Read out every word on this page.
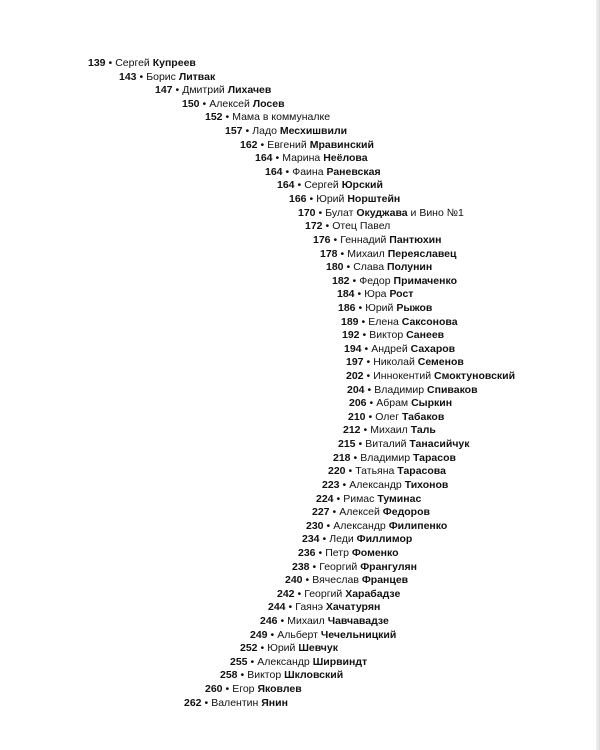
139 • Сергей Купреев
143 • Борис Литвак
147 • Дмитрий Лихачев
150 • Алексей Лосев
152 • Мама в коммуналке
157 • Ладо Месхишвили
162 • Евгений Мравинский
164 • Марина Неёлова
164 • Фаина Раневская
164 • Сергей Юрский
166 • Юрий Норштейн
170 • Булат Окуджава и Вино №1
172 • Отец Павел
176 • Геннадий Пантюхин
178 • Михаил Переяславец
180 • Слава Полунин
182 • Федор Примаченко
184 • Юра Рост
186 • Юрий Рыжов
189 • Елена Саксонова
192 • Виктор Санеев
194 • Андрей Сахаров
197 • Николай Семенов
202 • Иннокентий Смоктуновский
204 • Владимир Спиваков
206 • Абрам Сыркин
210 • Олег Табаков
212 • Михаил Таль
215 • Виталий Танасийчук
218 • Владимир Тарасов
220 • Татьяна Тарасова
223 • Александр Тихонов
224 • Римас Туминас
227 • Алексей Федоров
230 • Александр Филипенко
234 • Леди Филлимор
236 • Петр Фоменко
238 • Георгий Франгулян
240 • Вячеслав Францев
242 • Георгий Харабадзе
244 • Гаянэ Хачатурян
246 • Михаил Чавчавадзе
249 • Альберт Чечельницкий
252 • Юрий Шевчук
255 • Александр Ширвиндт
258 • Виктор Шкловский
260 • Егор Яковлев
262 • Валентин Янин
